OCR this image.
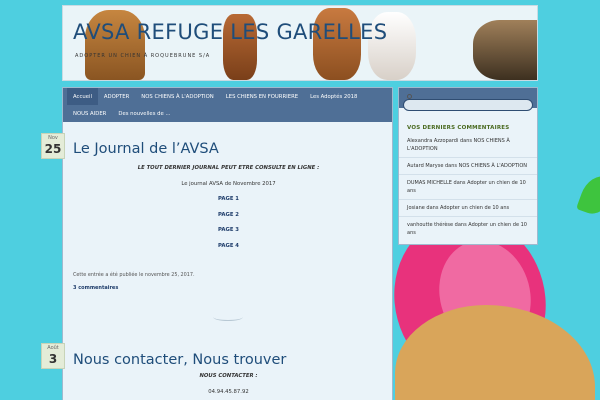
AVSA REFUGE LES GARELLES
ADOPTER UN CHIEN À ROQUEBRUNE S/A
Accueil	ADOPTER	NOS CHIENS À L'ADOPTION	LES CHIENS EN FOURRIERE	Les Adoptés 2018
NOUS AIDER	Des nouvelles de ...
Le Journal de l’AVSA
LE TOUT DERNIER JOURNAL PEUT ETRE CONSULTE EN LIGNE :
Le journal AVSA de Novembre 2017
PAGE 1
PAGE 2
PAGE 3
PAGE 4
Cette entrée a été publiée le novembre 25, 2017.
3 commentaires
Nous contacter, Nous trouver
NOUS CONTACTER :
04.94.45.87.92
Nov
25
Août
3
VOS DERNIERS COMMENTAIRES
Alexandra Azzopardi dans NOS CHIENS À L'ADOPTION
Autard Maryse dans NOS CHIENS À L'ADOPTION
DUMAS MICHELLE dans Adopter un chien de 10 ans
Josiane dans Adopter un chien de 10 ans
vanhoutte thérèse dans Adopter un chien de 10 ans
